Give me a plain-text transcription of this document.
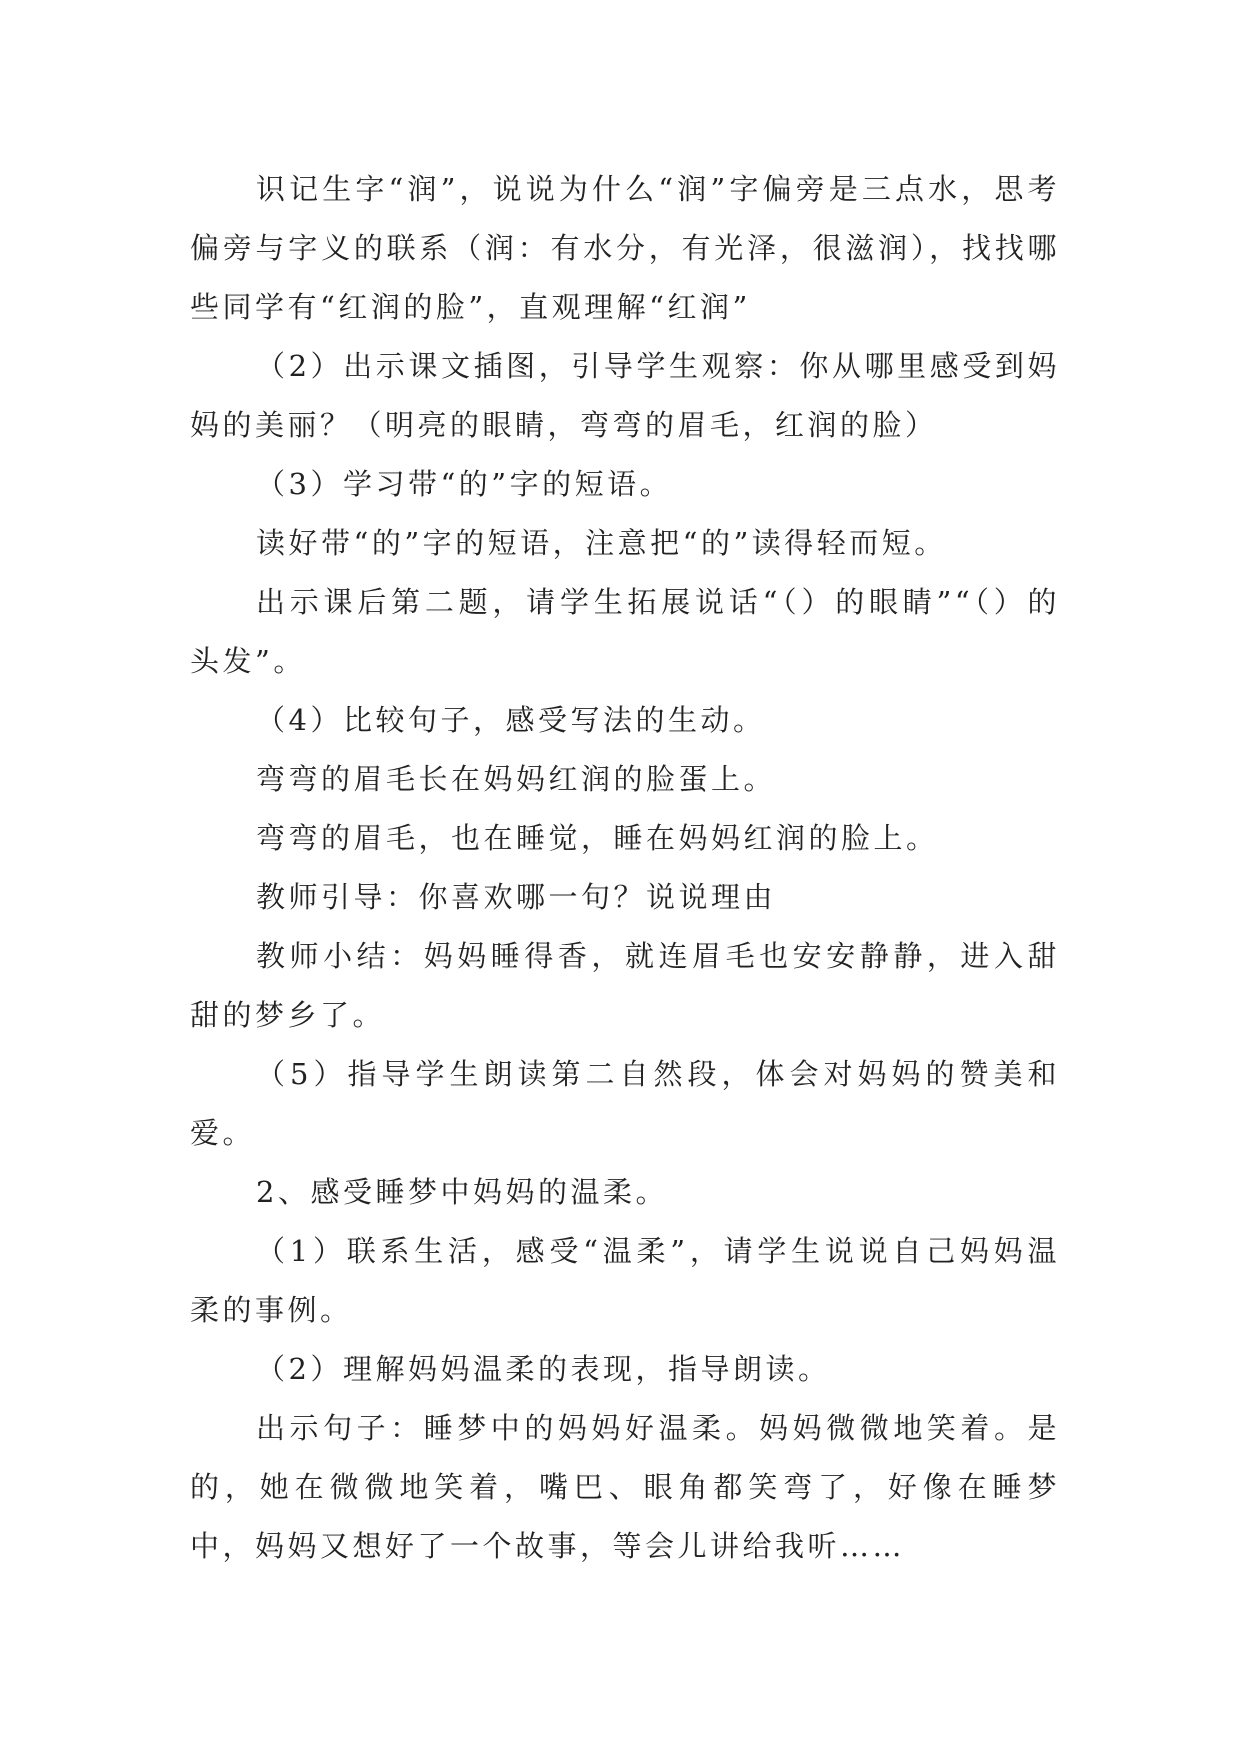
识记生字“润”，说说为什么“润”字偏旁是三点水，思考偏旁与字义的联系（润：有水分，有光泽，很滋润），找找哪些同学有“红润的脸”，直观理解“红润”

（2）出示课文插图，引导学生观察：你从哪里感受到妈妈的美丽？（明亮的眼睛，弯弯的眉毛，红润的脸）

（3）学习带“的”字的短语。

读好带“的”字的短语，注意把“的”读得轻而短。

出示课后第二题，请学生拓展说话“（）的眼睛”“（）的头发”。

（4）比较句子，感受写法的生动。

弯弯的眉毛长在妈妈红润的脸蛋上。

弯弯的眉毛，也在睡觉，睡在妈妈红润的脸上。

教师引导：你喜欢哪一句？说说理由

教师小结：妈妈睡得香，就连眉毛也安安静静，进入甜甜的梦乡了。

（5）指导学生朗读第二自然段，体会对妈妈的赞美和爱。

2、感受睡梦中妈妈的温柔。

（1）联系生活，感受“温柔”，请学生说说自己妈妈温柔的事例。

（2）理解妈妈温柔的表现，指导朗读。

出示句子：睡梦中的妈妈好温柔。妈妈微微地笑着。是的，她在微微地笑着，嘴巴、眼角都笑弯了，好像在睡梦中，妈妈又想好了一个故事，等会儿讲给我听……
